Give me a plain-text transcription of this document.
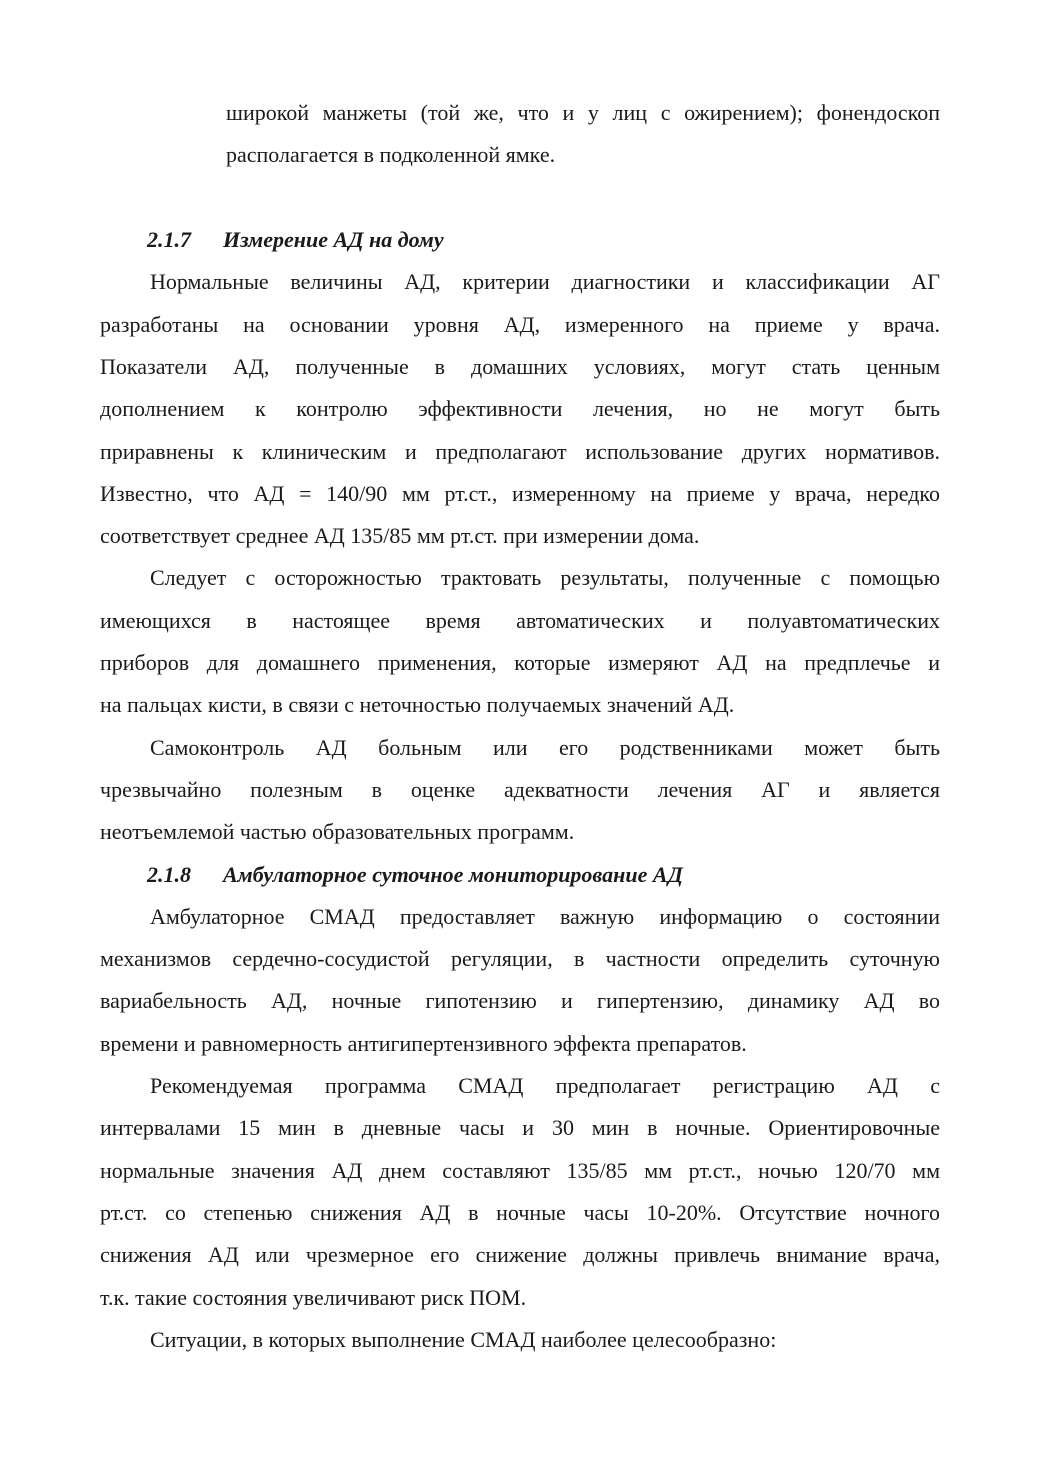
широкой манжеты (той же, что и у лиц с ожирением); фонендоскоп
располагается в подколенной ямке.
2.1.7 Измерение АД на дому
Нормальные величины АД, критерии диагностики и классификации АГ
разработаны на основании уровня АД, измеренного на приеме у врача.
Показатели АД, полученные в домашних условиях, могут стать ценным
дополнением к контролю эффективности лечения, но не могут быть
приравнены к клиническим и предполагают использование других нормативов.
Известно, что АД = 140/90 мм рт.ст., измеренному на приеме у врача, нередко
соответствует среднее АД 135/85 мм рт.ст. при измерении дома.
Следует с осторожностью трактовать результаты, полученные с помощью
имеющихся в настоящее время автоматических и полуавтоматических
приборов для домашнего применения, которые измеряют АД на предплечье и
на пальцах кисти, в связи с неточностью получаемых значений АД.
Самоконтроль АД больным или его родственниками может быть
чрезвычайно полезным в оценке адекватности лечения АГ и является
неотъемлемой частью образовательных программ.
2.1.8 Амбулаторное суточное мониторирование АД
Амбулаторное СМАД предоставляет важную информацию о состоянии
механизмов сердечно-сосудистой регуляции, в частности определить суточную
вариабельность АД, ночные гипотензию и гипертензию, динамику АД во
времени и равномерность антигипертензивного эффекта препаратов.
Рекомендуемая программа СМАД предполагает регистрацию АД с
интервалами 15 мин в дневные часы и 30 мин в ночные. Ориентировочные
нормальные значения АД днем составляют 135/85 мм рт.ст., ночью 120/70 мм
рт.ст. со степенью снижения АД в ночные часы 10-20%. Отсутствие ночного
снижения АД или чрезмерное его снижение должны привлечь внимание врача,
т.к. такие состояния увеличивают риск ПОМ.
Ситуации, в которых выполнение СМАД наиболее целесообразно:
